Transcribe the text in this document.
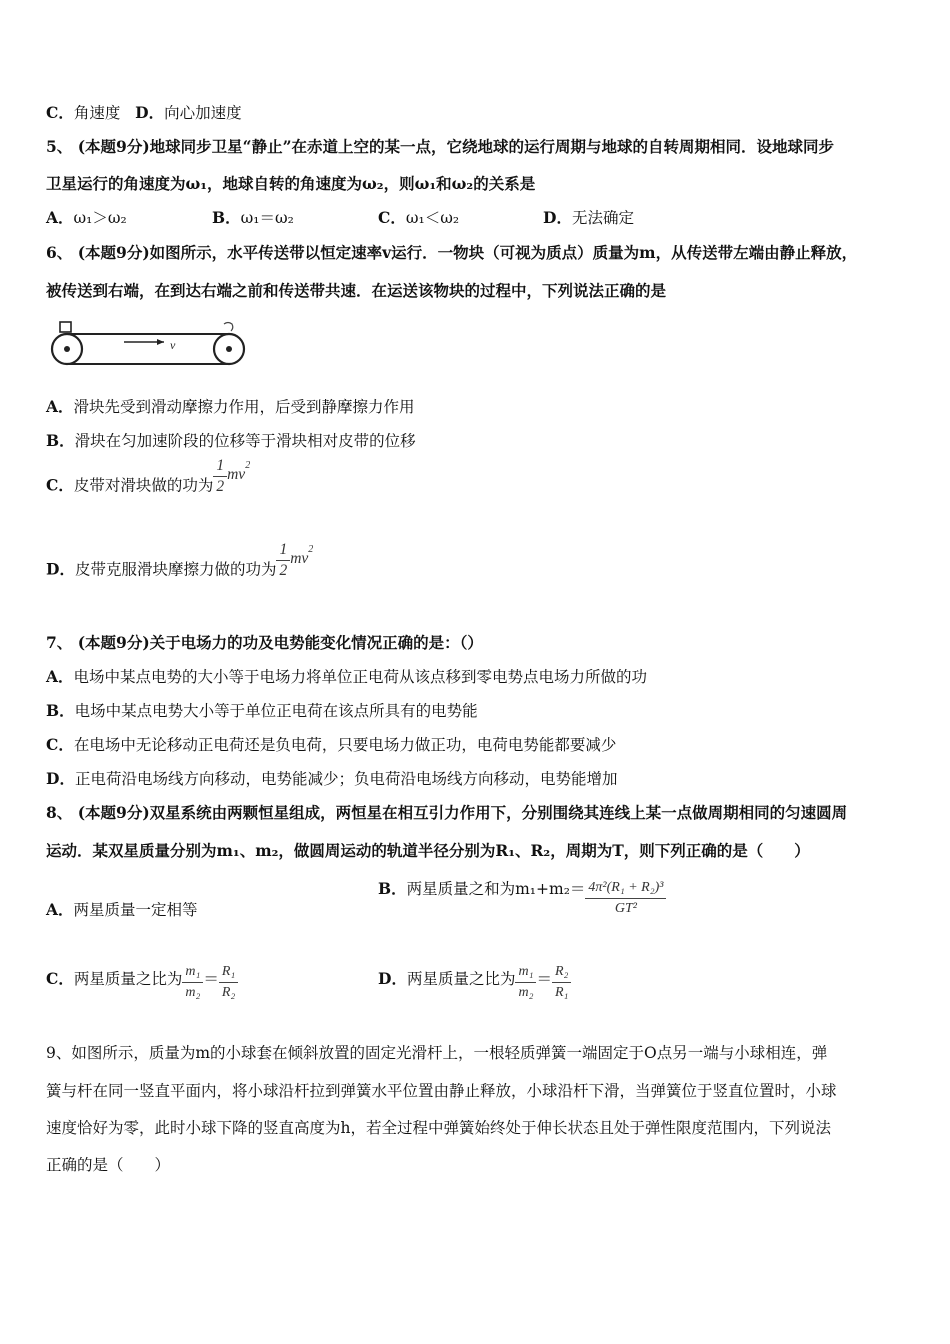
C．角速度 D．向心加速度
5、 (本题9分)地球同步卫星“静止”在赤道上空的某一点，它绕地球的运行周期与地球的自转周期相同．设地球同步
卫星运行的角速度为ω₁，地球自转的角速度为ω₂，则ω₁和ω₂的关系是
A．ω₁＞ω₂	B．ω₁＝ω₂	C．ω₁＜ω₂	D．无法确定
6、 (本题9分)如图所示，水平传送带以恒定速率v运行．一物块（可视为质点）质量为m，从传送带左端由静止释放，
被传送到右端，在到达右端之前和传送带共速．在运送该物块的过程中，下列说法正确的是
v
A．滑块先受到滑动摩擦力作用，后受到静摩擦力作用
B．滑块在匀加速阶段的位移等于滑块相对皮带的位移
C．皮带对滑块做的功为 $\frac{1}{2} mv^2$
D．皮带克服滑块摩擦力做的功为 $\frac{1}{2} mv^2$
7、 (本题9分)关于电场力的功及电势能变化情况正确的是：（）
A．电场中某点电势的大小等于电场力将单位正电荷从该点移到零电势点电场力所做的功
B．电场中某点电势大小等于单位正电荷在该点所具有的电势能
C．在电场中无论移动正电荷还是负电荷，只要电场力做正功，电荷电势能都要减少
D．正电荷沿电场线方向移动，电势能减少；负电荷沿电场线方向移动，电势能增加
8、 (本题9分)双星系统由两颗恒星组成，两恒星在相互引力作用下，分别围绕其连线上某一点做周期相同的匀速圆周
运动．某双星质量分别为m₁、m₂，做圆周运动的轨道半径分别为R₁、R₂，周期为T，则下列正确的是（　　）
A．两星质量一定相等
B．两星质量之和为$m_1+m_2= \frac{\text{4π²(R₁ + R₂)³}}{\text{GT²}}$
C．两星质量之比为 $\frac{\text{m₁}}{\text{m₂}} = \frac{\text{R₁}}{\text{R₂}}$	D．两星质量之比为 $\frac{\text{m₁}}{\text{m₂}} = \frac{\text{R₂}}{\text{R₁}}$
9、如图所示，质量为m的小球套在倾斜放置的固定光滑杆上，一根轻质弹簧一端固定于O点另一端与小球相连，弹
簧与杆在同一竖直平面内，将小球沿杆拉到弹簧水平位置由静止释放，小球沿杆下滑，当弹簧位于竖直位置时，小球
速度恰好为零，此时小球下降的竖直高度为h，若全过程中弹簧始终处于伸长状态且处于弹性限度范围内，下列说法
正确的是（　　）
